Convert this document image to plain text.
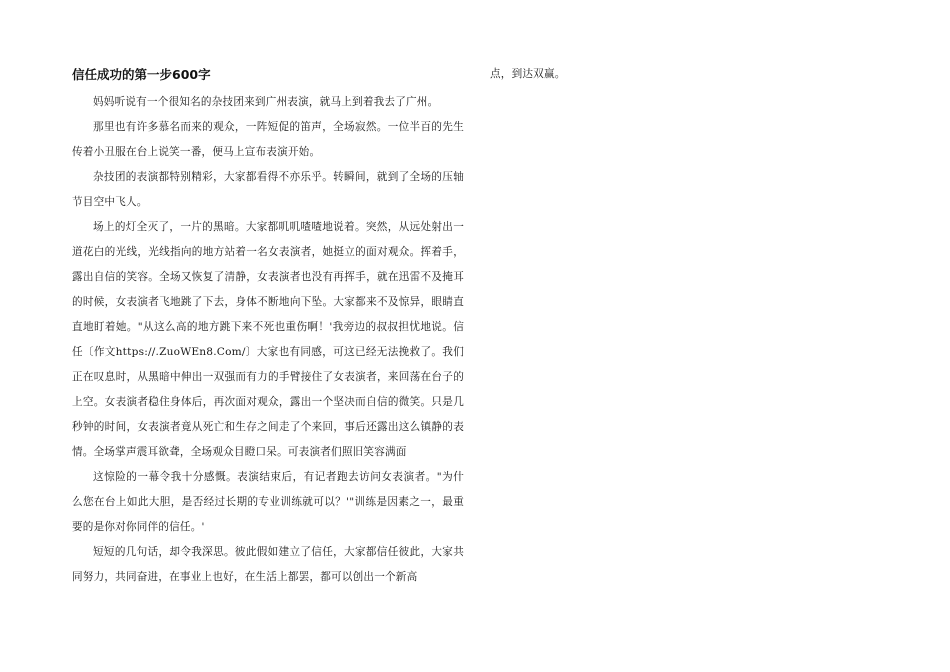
信任成功的第一步600字

妈妈听说有一个很知名的杂技团来到广州表演，就马上到着我去了广州。

那里也有许多慕名而来的观众，一阵短促的笛声，全场寂然。一位半百的先生传着小丑服在台上说笑一番，便马上宣布表演开始。

杂技团的表演都特别精彩，大家都看得不亦乐乎。转瞬间，就到了全场的压轴节目空中飞人。

场上的灯全灭了，一片的黑暗。大家都叽叽喳喳地说着。突然，从远处射出一道花白的光线，光线指向的地方站着一名女表演者，她挺立的面对观众。挥着手，露出自信的笑容。全场又恢复了清静，女表演者也没有再挥手，就在迅雷不及掩耳的时候，女表演者飞地跳了下去，身体不断地向下坠。大家都来不及惊异，眼睛直直地盯着她。"从这么高的地方跳下来不死也重伤啊！'我旁边的叔叔担忧地说。信任〔作文https://.ZuoWEn8.Com/〕大家也有同感，可这已经无法挽救了。我们正在叹息时，从黑暗中伸出一双强而有力的手臂接住了女表演者，来回荡在台子的上空。女表演者稳住身体后，再次面对观众，露出一个坚决而自信的微笑。只是几秒钟的时间，女表演者竟从死亡和生存之间走了个来回，事后还露出这么镇静的表情。全场掌声震耳欲聋，全场观众目瞪口呆。可表演者们照旧笑容满面

这惊险的一幕令我十分感慨。表演结束后，有记者跑去访问女表演者。"为什么您在台上如此大胆，是否经过长期的专业训练就可以？'"训练是因素之一，最重要的是你对你同伴的信任。'

短短的几句话，却令我深思。彼此假如建立了信任，大家都信任彼此，大家共同努力，共同奋进，在事业上也好，在生活上都罢，都可以创出一个新高

点，到达双赢。
